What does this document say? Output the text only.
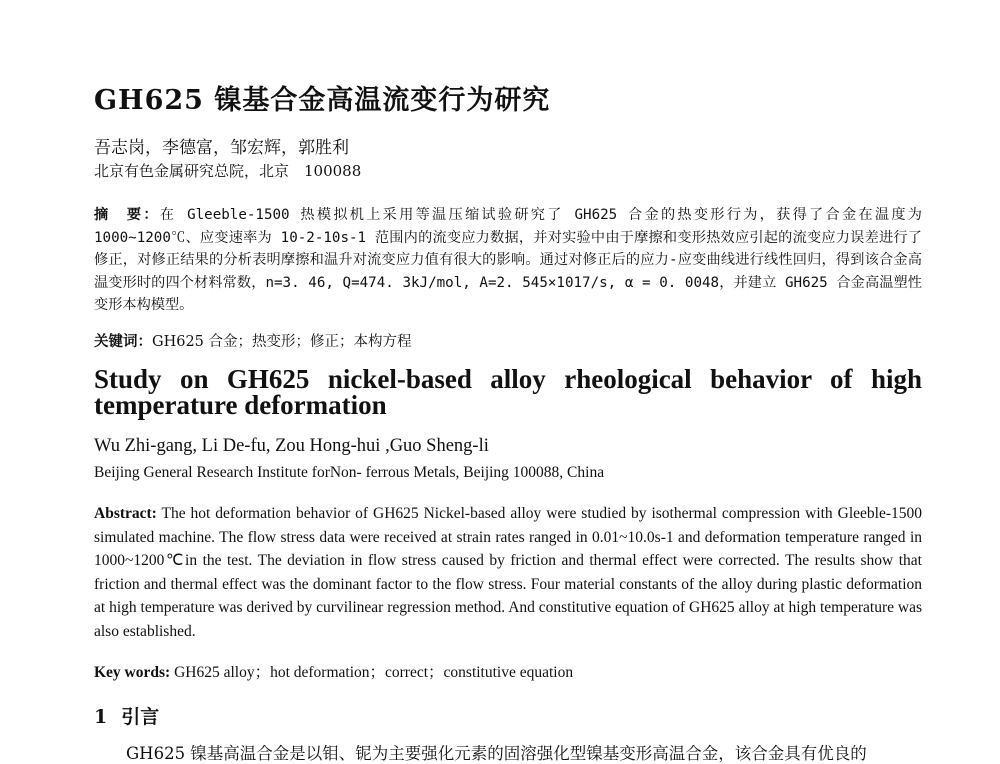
GH625 镍基合金高温流变行为研究
吾志岗，李德富，邹宏辉，郭胜利
北京有色金属研究总院，北京　100088
摘　要：在 Gleeble-1500 热模拟机上采用等温压缩试验研究了 GH625 合金的热变形行为，获得了合金在温度为 1000~1200℃、应变速率为 10-2-10s-1 范围内的流变应力数据，并对实验中由于摩擦和变形热效应引起的流变应力误差进行了修正，对修正结果的分析表明摩擦和温升对流变应力值有很大的影响。通过对修正后的应力-应变曲线进行线性回归，得到该合金高温变形时的四个材料常数，n=3. 46, Q=474. 3kJ/mol, A=2. 545×1017/s, α = 0. 0048，并建立 GH625 合金高温塑性变形本构模型。
关键词：GH625 合金；热变形；修正；本构方程
Study on GH625 nickel-based alloy rheological behavior of high temperature deformation
Wu Zhi-gang, Li De-fu, Zou Hong-hui ,Guo Sheng-li
Beijing General Research Institute forNon- ferrous Metals, Beijing 100088, China
Abstract: The hot deformation behavior of GH625 Nickel-based alloy were studied by isothermal compression with Gleeble-1500 simulated machine. The flow stress data were received at strain rates ranged in 0.01~10.0s-1 and deformation temperature ranged in 1000~1200℃in the test. The deviation in flow stress caused by friction and thermal effect were corrected. The results show that friction and thermal effect was the dominant factor to the flow stress. Four material constants of the alloy during plastic deformation at high temperature was derived by curvilinear regression method. And constitutive equation of GH625 alloy at high temperature was also established.
Key words: GH625 alloy；hot deformation；correct；constitutive equation
1 引言
GH625 镍基高温合金是以钼、铌为主要强化元素的固溶强化型镍基变形高温合金，该合金具有优良的
